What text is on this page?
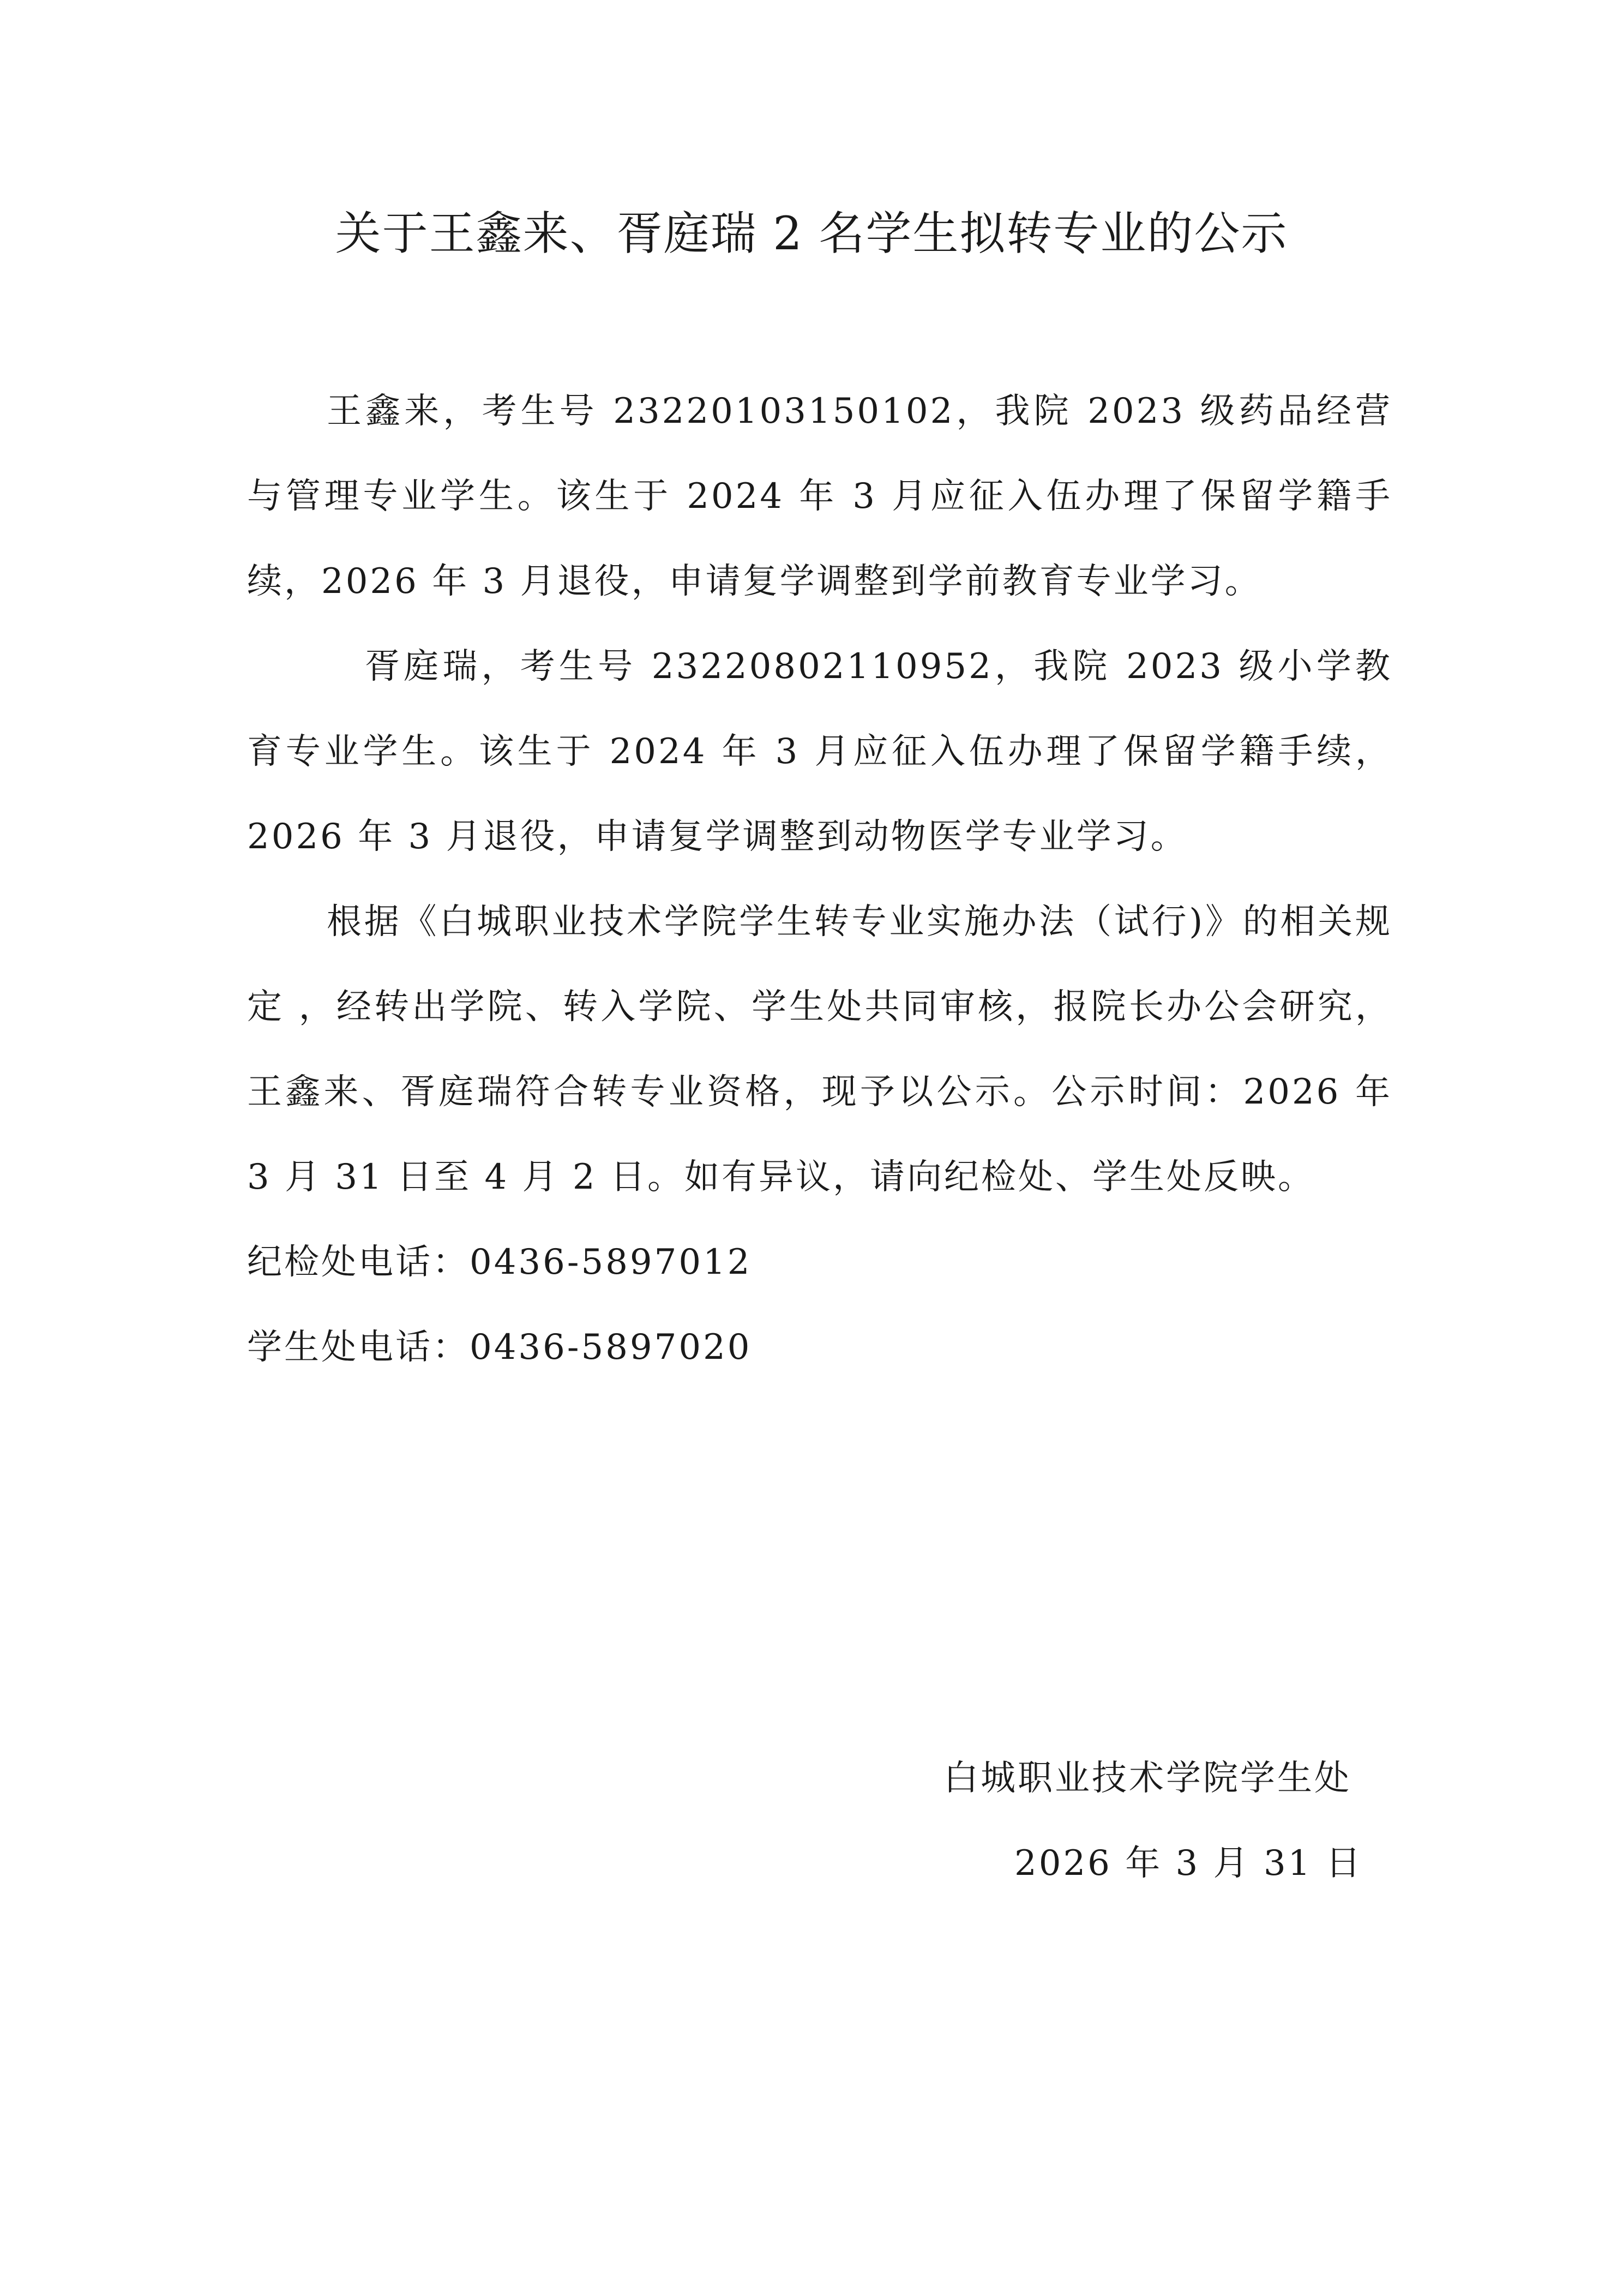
关于王鑫来、胥庭瑞 2 名学生拟转专业的公示

王鑫来，考生号 23220103150102，我院 2023 级药品经营与管理专业学生。该生于 2024 年 3 月应征入伍办理了保留学籍手续，2026 年 3 月退役，申请复学调整到学前教育专业学习。

胥庭瑞，考生号 23220802110952，我院 2023 级小学教育专业学生。该生于 2024 年 3 月应征入伍办理了保留学籍手续，2026 年 3 月退役，申请复学调整到动物医学专业学习。

根据《白城职业技术学院学生转专业实施办法（试行)》的相关规定 ，经转出学院、转入学院、学生处共同审核，报院长办公会研究，王鑫来、胥庭瑞符合转专业资格，现予以公示。公示时间：2026 年 3 月 31 日至 4 月 2 日。如有异议，请向纪检处、学生处反映。

纪检处电话：0436-5897012

学生处电话：0436-5897020

白城职业技术学院学生处

2026 年 3 月 31 日
